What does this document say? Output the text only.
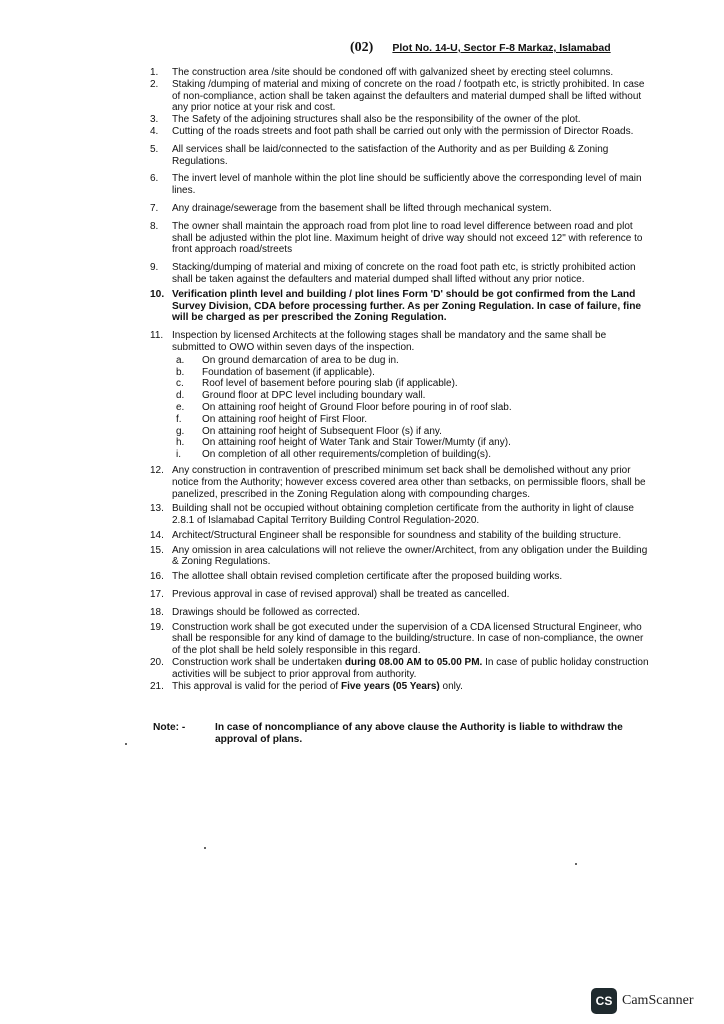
(02) Plot No. 14-U, Sector F-8 Markaz, Islamabad
1.	The construction area /site should be condoned off with galvanized sheet by erecting steel columns.
2.	Staking /dumping of material and mixing of concrete on the road / footpath etc, is strictly prohibited. In case of non-compliance, action shall be taken against the defaulters and material dumped shall be lifted without any prior notice at your risk and cost.
3.	The Safety of the adjoining structures shall also be the responsibility of the owner of the plot.
4.	Cutting of the roads streets and foot path shall be carried out only with the permission of Director Roads.
5.	All services shall be laid/connected to the satisfaction of the Authority and as per Building & Zoning Regulations.
6.	The invert level of manhole within the plot line should be sufficiently above the corresponding level of main lines.
7.	Any drainage/sewerage from the basement shall be lifted through mechanical system.
8.	The owner shall maintain the approach road from plot line to road level difference between road and plot shall be adjusted within the plot line. Maximum height of drive way should not exceed 12" with reference to front approach road/streets
9.	Stacking/dumping of material and mixing of concrete on the road foot path etc, is strictly prohibited action shall be taken against the defaulters and material dumped shall lifted without any prior notice.
10. Verification plinth level and building / plot lines Form 'D' should be got confirmed from the Land Survey Division, CDA before processing further. As per Zoning Regulation. In case of failure, fine will be charged as per prescribed the Zoning Regulation.
11. Inspection by licensed Architects at the following stages shall be mandatory and the same shall be submitted to OWO within seven days of the inspection.
a.	On ground demarcation of area to be dug in.
b.	Foundation of basement (if applicable).
c.	Roof level of basement before pouring slab (if applicable).
d.	Ground floor at DPC level including boundary wall.
e.	On attaining roof height of Ground Floor before pouring in of roof slab.
f.	On attaining roof height of First Floor.
g.	On attaining roof height of Subsequent Floor (s) if any.
h.	On attaining roof height of Water Tank and Stair Tower/Mumty (if any).
i.	On completion of all other requirements/completion of building(s).
12. Any construction in contravention of prescribed minimum set back shall be demolished without any prior notice from the Authority; however excess covered area other than setbacks, on permissible floors, shall be panelized, prescribed in the Zoning Regulation along with compounding charges.
13. Building shall not be occupied without obtaining completion certificate from the authority in light of clause 2.8.1 of Islamabad Capital Territory Building Control Regulation-2020.
14. Architect/Structural Engineer shall be responsible for soundness and stability of the building structure.
15. Any omission in area calculations will not relieve the owner/Architect, from any obligation under the Building & Zoning Regulations.
16. The allottee shall obtain revised completion certificate after the proposed building works.
17. Previous approval in case of revised approval) shall be treated as cancelled.
18. Drawings should be followed as corrected.
19. Construction work shall be got executed under the supervision of a CDA licensed Structural Engineer, who shall be responsible for any kind of damage to the building/structure. In case of non-compliance, the owner of the plot shall be held solely responsible in this regard.
20. Construction work shall be undertaken during 08.00 AM to 05.00 PM. In case of public holiday construction activities will be subject to prior approval from authority.
21. This approval is valid for the period of Five years (05 Years) only.
Note: -	In case of noncompliance of any above clause the Authority is liable to withdraw the approval of plans.
CS CamScanner
